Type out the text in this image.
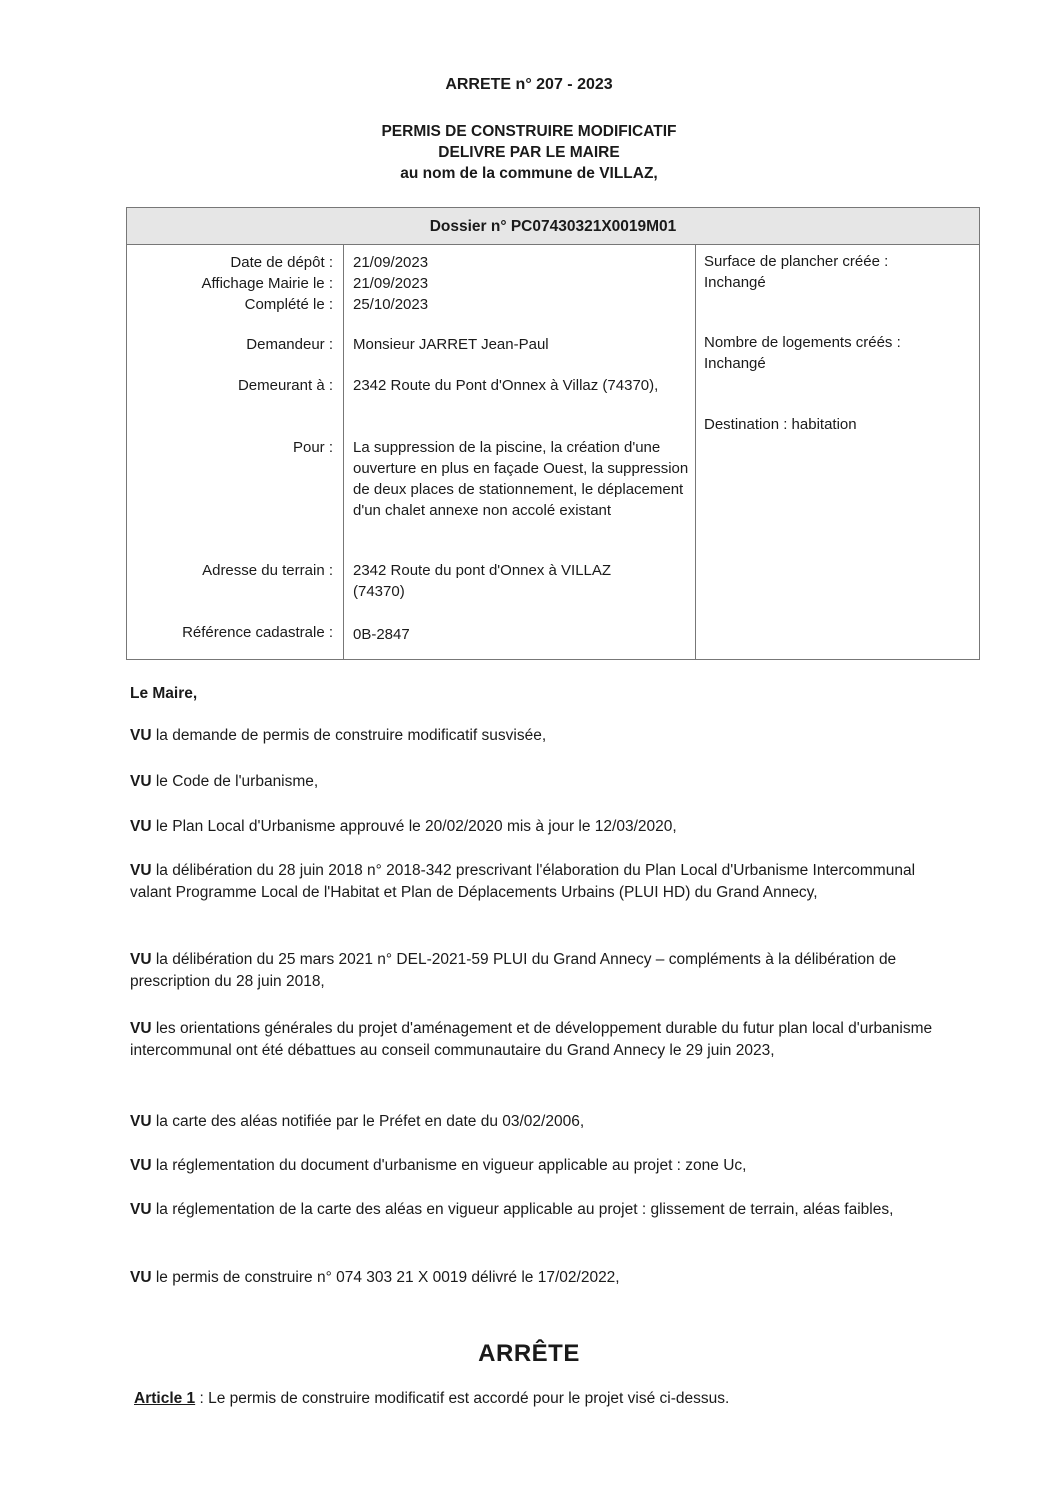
ARRETE n° 207 - 2023
PERMIS DE CONSTRUIRE MODIFICATIF
DELIVRE PAR LE MAIRE
au nom de la commune de VILLAZ,
Dossier n° PC07430321X0019M01
Date de dépôt : 21/09/2023
Affichage Mairie le : 21/09/2023
Complété le : 25/10/2023
Demandeur : Monsieur JARRET Jean-Paul
Demeurant à : 2342 Route du Pont d'Onnex à Villaz (74370),
Pour : La suppression de la piscine, la création d'une ouverture en plus en façade Ouest, la suppression de deux places de stationnement, le déplacement d'un chalet annexe non accolé existant
Adresse du terrain : 2342 Route du pont d'Onnex à VILLAZ (74370)
Référence cadastrale : 0B-2847
Surface de plancher créée :
Inchangé
Nombre de logements créés :
Inchangé
Destination : habitation
Le Maire,
VU la demande de permis de construire modificatif susvisée,
VU le Code de l'urbanisme,
VU le Plan Local d'Urbanisme approuvé le 20/02/2020 mis à jour le 12/03/2020,
VU la délibération du 28 juin 2018 n° 2018-342 prescrivant l'élaboration du Plan Local d'Urbanisme Intercommunal valant Programme Local de l'Habitat et Plan de Déplacements Urbains (PLUI HD) du Grand Annecy,
VU la délibération du 25 mars 2021 n° DEL-2021-59 PLUI du Grand Annecy – compléments à la délibération de prescription du 28 juin 2018,
VU les orientations générales du projet d'aménagement et de développement durable du futur plan local d'urbanisme intercommunal ont été débattues au conseil communautaire du Grand Annecy le 29 juin 2023,
VU la carte des aléas notifiée par le Préfet en date du 03/02/2006,
VU la réglementation du document d'urbanisme en vigueur applicable au projet : zone Uc,
VU la réglementation de la carte des aléas en vigueur applicable au projet : glissement de terrain, aléas faibles,
VU le permis de construire n° 074 303 21 X 0019 délivré le 17/02/2022,
ARRÊTE
Article 1 : Le permis de construire modificatif est accordé pour le projet visé ci-dessus.
